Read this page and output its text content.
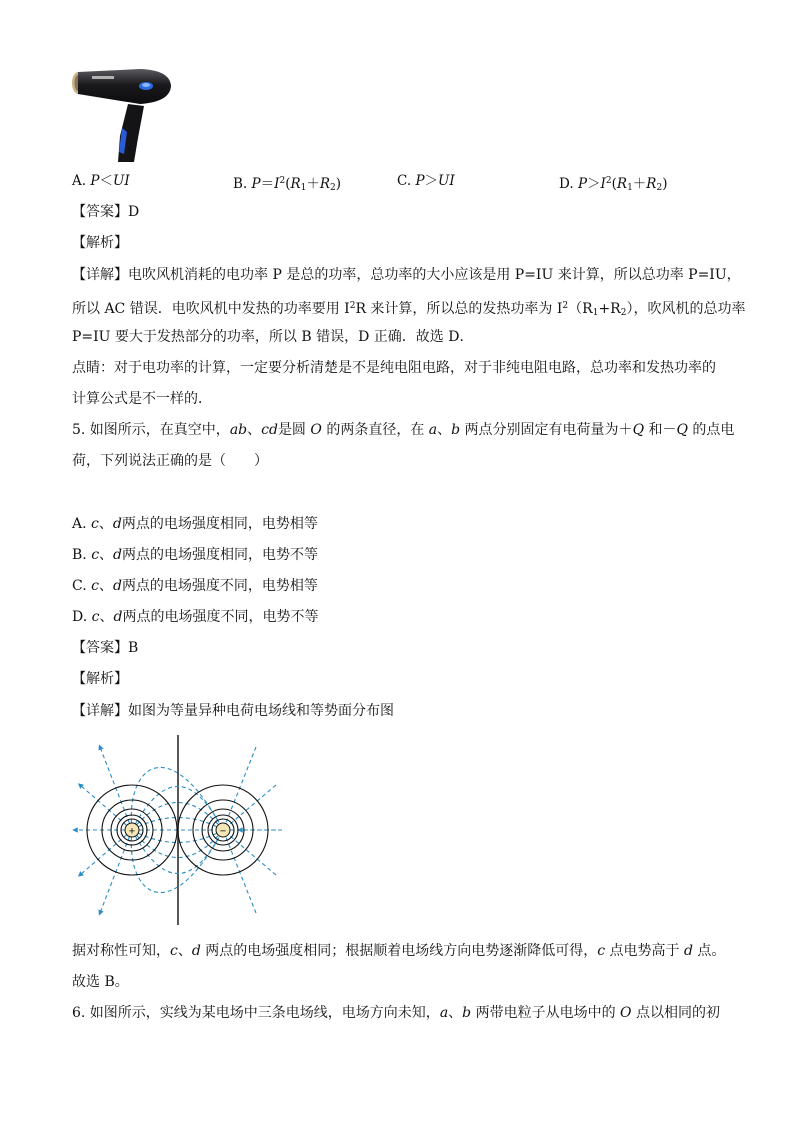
A. P＜UI	B. $P=I^2(R_1+R_2)$	C. P＞UI	D. $P>I^2(R_1+R_2)$
【答案】D
【解析】
【详解】电吹风机消耗的电功率 P 是总的功率，总功率的大小应该是用 P=IU 来计算，所以总功率 P=IU，
所以 AC 错误．电吹风机中发热的功率要用 $I^2R$ 来计算，所以总的发热功率为 $I^2(R_1+R_2)$，吹风机的总功率
P=IU 要大于发热部分的功率，所以 B 错误，D 正确．故选 D．
点睛：对于电功率的计算，一定要分析清楚是不是纯电阻电路，对于非纯电阻电路，总功率和发热功率的
计算公式是不一样的．
5. 如图所示，在真空中，ab、cd是圆 O 的两条直径，在 a、b 两点分别固定有电荷量为＋Q 和－Q 的点电
荷，下列说法正确的是（　　）
A. c、d两点的电场强度相同，电势相等
B. c、d两点的电场强度相同，电势不等
C. c、d两点的电场强度不同，电势相等
D. c、d两点的电场强度不同，电势不等
【答案】B
【解析】
【详解】如图为等量异种电荷电场线和等势面分布图
+	−
据对称性可知，c、d 两点的电场强度相同；根据顺着电场线方向电势逐渐降低可得，c 点电势高于 d 点。
故选 B。
6. 如图所示，实线为某电场中三条电场线，电场方向未知，a、b 两带电粒子从电场中的 O 点以相同的初
